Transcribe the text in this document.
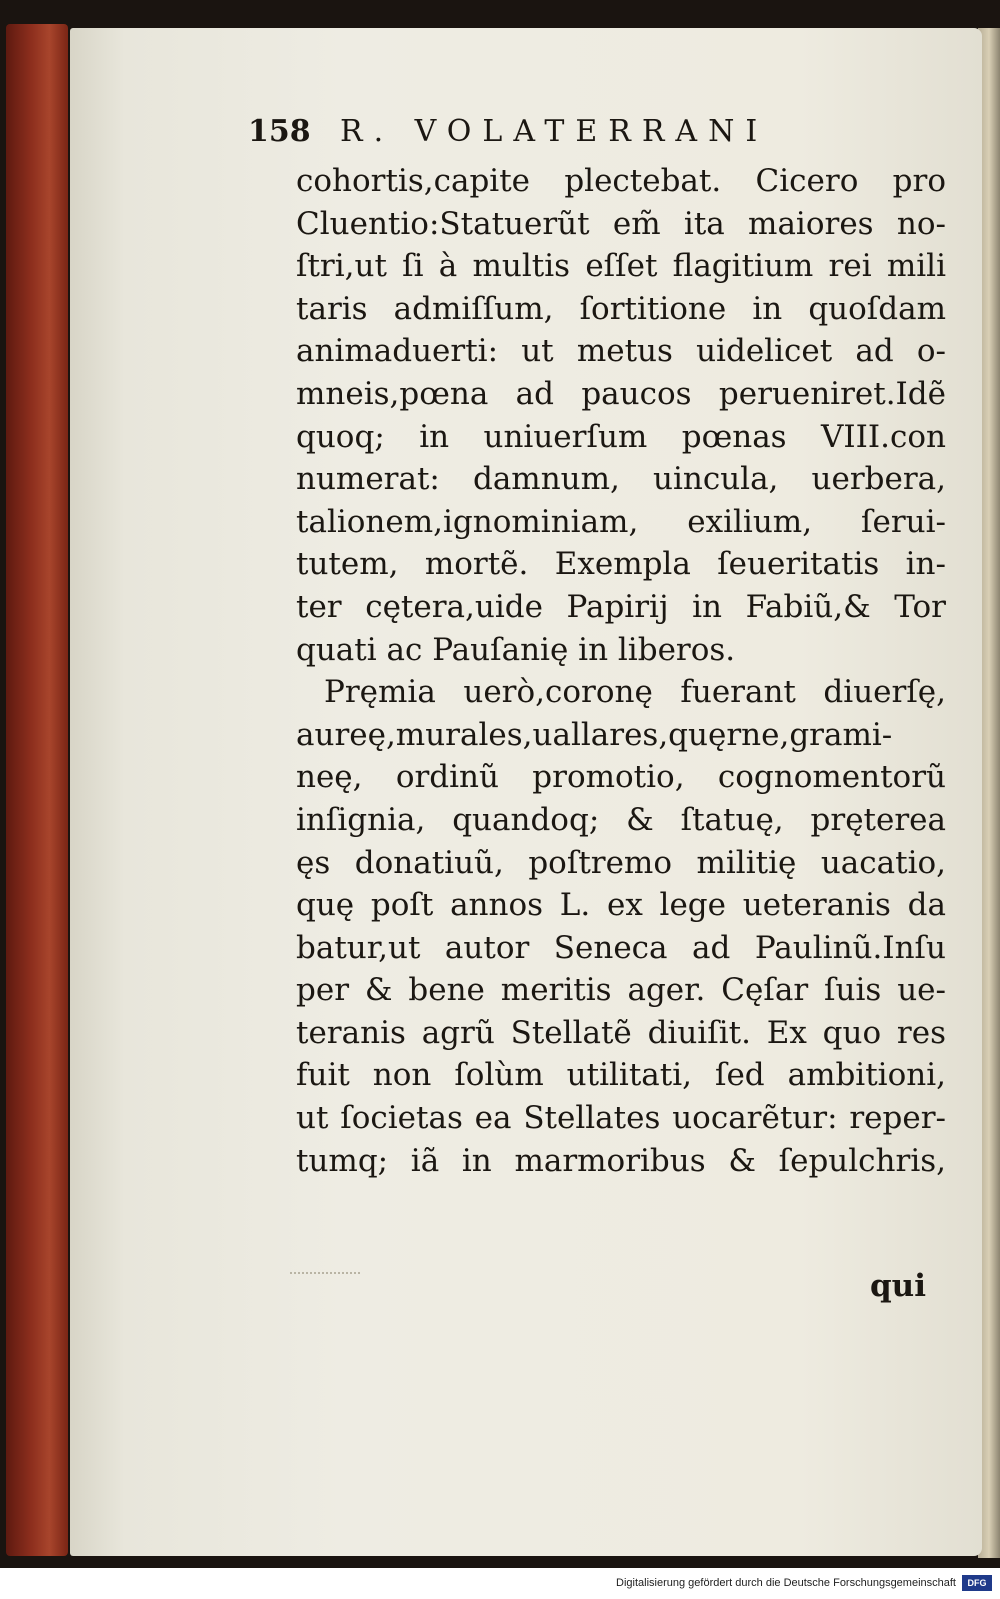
158 R. VOLATERRANI
cohortis,capite plectebat. Cicero pro
Cluentio:Statuerũt em̃ ita maiores no-
ſtri,ut ſi à multis eſſet flagitium rei mili
taris admiſſum, ſortitione in quoſdam
animaduerti: ut metus uidelicet ad o-
mneis,pœna ad paucos perueniret.Idẽ
quoq; in uniuerſum pœnas VIII.con
numerat: damnum, uincula, uerbera,
talionem,ignominiam, exilium, ſerui-
tutem, mortẽ. Exempla ſeueritatis in-
ter cętera,uide Papirij in Fabiũ,& Tor
quati ac Pauſanię in liberos.
Pręmia uerò,coronę fuerant diuerſę,
aureę,murales,uallares,quęrne,grami-
neę, ordinũ promotio, cognomentorũ
inſignia, quandoq; & ſtatuę, pręterea
ęs donatiuũ, poſtremo militię uacatio,
quę poſt annos L. ex lege ueteranis da
batur,ut autor Seneca ad Paulinũ.Inſu
per & bene meritis ager. Cęſar ſuis ue-
teranis agrũ Stellatẽ diuiſit. Ex quo res
fuit non ſolùm utilitati, ſed ambitioni,
ut ſocietas ea Stellates uocarẽtur: reper-
tumq; iã in marmoribus & ſepulchris,
qui
Digitalisierung gefördert durch die Deutsche Forschungsgemeinschaft	DFG
